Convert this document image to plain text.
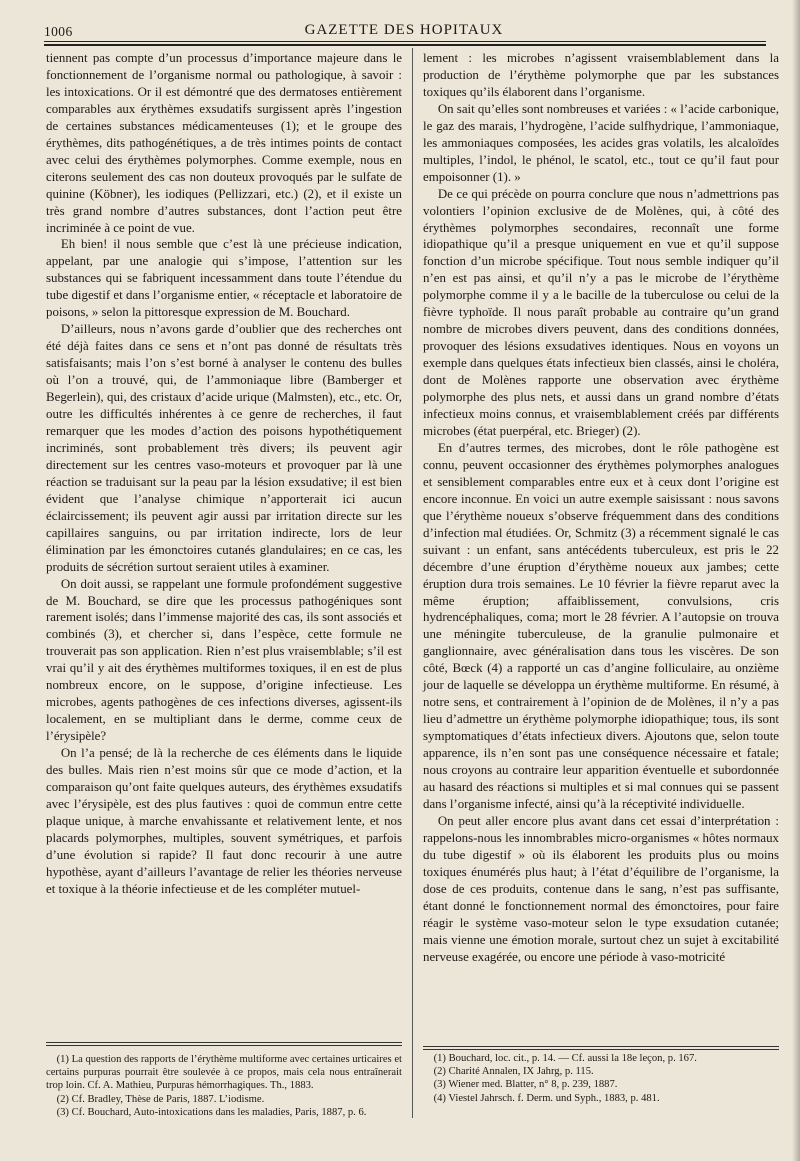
1006	GAZETTE DES HOPITAUX

tiennent pas compte d’un processus d’importance majeure dans le fonctionnement de l’organisme normal ou pathologique, à savoir : les intoxications. Or il est démontré que des dermatoses entièrement comparables aux érythèmes exsudatifs surgissent après l’ingestion de certaines substances médicamenteuses (1); et le groupe des érythèmes, dits pathogénétiques, a de très intimes points de contact avec celui des érythèmes polymorphes. Comme exemple, nous en citerons seulement des cas non douteux provoqués par le sulfate de quinine (Köbner), les iodiques (Pellizzari, etc.) (2), et il existe un très grand nombre d’autres substances, dont l’action peut être incriminée à ce point de vue.

Eh bien! il nous semble que c’est là une précieuse indication, appelant, par une analogie qui s’impose, l’attention sur les substances qui se fabriquent incessamment dans toute l’étendue du tube digestif et dans l’organisme entier, « réceptacle et laboratoire de poisons, » selon la pittoresque expression de M. Bouchard.

D’ailleurs, nous n’avons garde d’oublier que des recherches ont été déjà faites dans ce sens et n’ont pas donné de résultats très satisfaisants; mais l’on s’est borné à analyser le contenu des bulles où l’on a trouvé, qui, de l’ammoniaque libre (Bamberger et Begerlein), qui, des cristaux d’acide urique (Malmsten), etc., etc. Or, outre les difficultés inhérentes à ce genre de recherches, il faut remarquer que les modes d’action des poisons hypothétiquement incriminés, sont probablement très divers; ils peuvent agir directement sur les centres vaso-moteurs et provoquer par là une réaction se traduisant sur la peau par la lésion exsudative; il est bien évident que l’analyse chimique n’apporterait ici aucun éclaircissement; ils peuvent agir aussi par irritation directe sur les capillaires sanguins, ou par irritation indirecte, lors de leur élimination par les émonctoires cutanés glandulaires; en ce cas, les produits de sécrétion surtout seraient utiles à examiner.

On doit aussi, se rappelant une formule profondément suggestive de M. Bouchard, se dire que les processus pathogéniques sont rarement isolés; dans l’immense majorité des cas, ils sont associés et combinés (3), et chercher si, dans l’espèce, cette formule ne trouverait pas son application. Rien n’est plus vraisemblable; s’il est vrai qu’il y ait des érythèmes multiformes toxiques, il en est de plus nombreux encore, on le suppose, d’origine infectieuse. Les microbes, agents pathogènes de ces infections diverses, agissent-ils localement, en se multipliant dans le derme, comme ceux de l’érysipèle?

On l’a pensé; de là la recherche de ces éléments dans le liquide des bulles. Mais rien n’est moins sûr que ce mode d’action, et la comparaison qu’ont faite quelques auteurs, des érythèmes exsudatifs avec l’érysipèle, est des plus fautives : quoi de commun entre cette plaque unique, à marche envahissante et relativement lente, et nos placards polymorphes, multiples, souvent symétriques, et parfois d’une évolution si rapide? Il faut donc recourir à une autre hypothèse, ayant d’ailleurs l’avantage de relier les théories nerveuse et toxique à la théorie infectieuse et de les compléter mutuel-

lement : les microbes n’agissent vraisemblablement dans la production de l’érythème polymorphe que par les substances toxiques qu’ils élaborent dans l’organisme.

On sait qu’elles sont nombreuses et variées : « l’acide carbonique, le gaz des marais, l’hydrogène, l’acide sulfhydrique, l’ammoniaque, les ammoniaques composées, les acides gras volatils, les alcaloïdes multiples, l’indol, le phénol, le scatol, etc., tout ce qu’il faut pour empoisonner (1). »

De ce qui précède on pourra conclure que nous n’admettrions pas volontiers l’opinion exclusive de de Molènes, qui, à côté des érythèmes polymorphes secondaires, reconnaît une forme idiopathique qu’il a presque uniquement en vue et qu’il suppose fonction d’un microbe spécifique. Tout nous semble indiquer qu’il n’en est pas ainsi, et qu’il n’y a pas le microbe de l’érythème polymorphe comme il y a le bacille de la tuberculose ou celui de la fièvre typhoïde. Il nous paraît probable au contraire qu’un grand nombre de microbes divers peuvent, dans des conditions données, provoquer des lésions exsudatives identiques. Nous en voyons un exemple dans quelques états infectieux bien classés, ainsi le choléra, dont de Molènes rapporte une observation avec érythème polymorphe des plus nets, et aussi dans un grand nombre d’états infectieux moins connus, et vraisemblablement créés par différents microbes (état puerpéral, etc. Brieger) (2).

En d’autres termes, des microbes, dont le rôle pathogène est connu, peuvent occasionner des érythèmes polymorphes analogues et sensiblement comparables entre eux et à ceux dont l’origine est encore inconnue. En voici un autre exemple saisissant : nous savons que l’érythème noueux s’observe fréquemment dans des conditions d’infection mal étudiées. Or, Schmitz (3) a récemment signalé le cas suivant : un enfant, sans antécédents tuberculeux, est pris le 22 décembre d’une éruption d’érythème noueux aux jambes; cette éruption dura trois semaines. Le 10 février la fièvre reparut avec la même éruption; affaiblissement, convulsions, cris hydrencéphaliques, coma; mort le 28 février. A l’autopsie on trouva une méningite tuberculeuse, de la granulie pulmonaire et ganglionnaire, avec généralisation dans tous les viscères. De son côté, Bœck (4) a rapporté un cas d’angine folliculaire, au onzième jour de laquelle se développa un érythème multiforme. En résumé, à notre sens, et contrairement à l’opinion de de Molènes, il n’y a pas lieu d’admettre un érythème polymorphe idiopathique; tous, ils sont symptomatiques d’états infectieux divers. Ajoutons que, selon toute apparence, ils n’en sont pas une conséquence nécessaire et fatale; nous croyons au contraire leur apparition éventuelle et subordonnée au hasard des réactions si multiples et si mal connues qui se passent dans l’organisme infecté, ainsi qu’à la réceptivité individuelle.

On peut aller encore plus avant dans cet essai d’interprétation : rappelons-nous les innombrables micro-organismes « hôtes normaux du tube digestif » où ils élaborent les produits plus ou moins toxiques énumérés plus haut; à l’état d’équilibre de l’organisme, la dose de ces produits, contenue dans le sang, n’est pas suffisante, étant donné le fonctionnement normal des émonctoires, pour faire réagir le système vaso-moteur selon le type exsudation cutanée; mais vienne une émotion morale, surtout chez un sujet à excitabilité nerveuse exagérée, ou encore une période à vaso-motricité

(1) La question des rapports de l’érythème multiforme avec certaines urticaires et certains purpuras pourrait être soulevée à ce propos, mais cela nous entraînerait trop loin. Cf. A. Mathieu, Purpuras hémorrhagiques. Th., 1883.

(2) Cf. Bradley, Thèse de Paris, 1887. L’iodisme.

(3) Cf. Bouchard, Auto-intoxications dans les maladies, Paris, 1887, p. 6.

(1) Bouchard, loc. cit., p. 14. — Cf. aussi la 18e leçon, p. 167.

(2) Charité Annalen, IX Jahrg, p. 115.

(3) Wiener med. Blatter, n° 8, p. 239, 1887.

(4) Viestel Jahrsch. f. Derm. und Syph., 1883, p. 481.
